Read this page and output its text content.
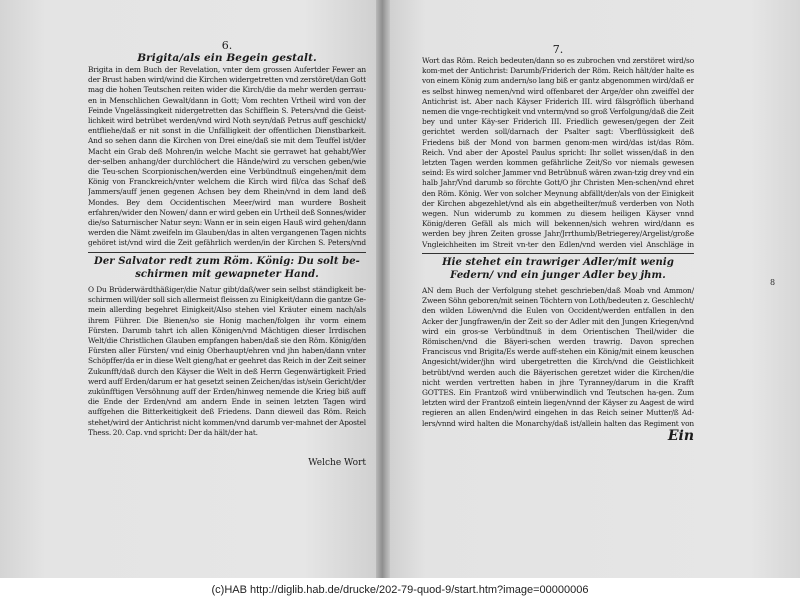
6.
Brigita/als ein Begein gestalt.
Brigita in dem Buch der Revelation, vnter dem grossen Aufertder Fewer an der Brust haben wird/wind die Kirchen widergetretten vnd zerstöret/dan Gott mag die hohen Teutschen reiten wider die Kirch/die da mehr werden gerrau-en in Menschlichen Gewalt/dann in Gott; Vom rechten Vrtheil wird von der Feinde Vngelässingkeit nidergetretten das Schifflein S. Peters/vnd die Geist-lichkeit wird betrübet werden/vnd wird Noth seyn/daß Petrus auff geschickt/ entfliehe/daß er nit sonst in die Unfälligkeit der offentlichen Dienstbarkeit. And so sehen dann die Kirchen von Drei eine/daß sie mit dem Teuffel ist/der Macht ein Grab deß Mohren/in welche Macht sie gerrawet hat gehabt/Wer der-selben anhang/der durchlöchert die Hände/wird zu verschen geben/wie die Teu-schen Scorpionischen/werden eine Verbündtnuß eingehen/mit dem König von Franckreich/vnter welchem die Kirch wird fil/ca das Schaf deß Jammers/auff jenen gegenen Achsen bey dem Rhein/vnd in dem land deß Mondes. Bey dem Occidentischen Meer/wird man wurdere Bosheit erfahren/wider den Nowen/ dann er wird geben ein Urtheil deß Sonnes/wider die/so Saturnischer Natur seyn: Wann er in sein eigen Hauß wird gehen/dann werden die Nämt zweifeln im Glauben/das in alten vergangenen Tagen nichts gehöret ist/vnd wird die Zeit gefährlich werden/in der Kirchen S. Peters/vnd
Der Salvator redt zum Röm. König: Du solt be-schirmen mit gewapneter Hand.
O Du Brüderwärdthäßiger/die Natur gibt/daß/wer sein selbst ständigkeit be-schirmen will/der soll sich allermeist fleissen zu Einigkeit/dann die gantze Ge-mein allerding begehret Einigkeit/Also stehen viel Kräuter einem nach/als ihrem Führer. Die Bienen/so sie Honig machen/folgen ihr vorm einem Fürsten. Darumb tahrt ich allen Königen/vnd Mächtigen dieser Irrdischen Welt/die Christlichen Glauben empfangen haben/daß sie den Röm. König/den Fürsten aller Fürsten/ vnd einig Oberhaupt/ehren vnd jhn haben/dann vnter Schöpffer/da er in diese Welt gieng/hat er geehret das Reich in der Zeit seiner Zukunfft/daß durch den Käyser die Welt in deß Herrn Gegenwärtigkeit Fried werd auff Erden/darum er hat gesetzt seinen Zeichen/das ist/sein Gericht/der zukünfftigen Versöhnung auff der Erden/hinweg nemende die Krieg biß auff die Ende der Erden/vnd am andern Ende in seinen letzten Tagen wird auffgehen die Bitterkeitigkeit deß Friedens. Dann dieweil das Röm. Reich stehet/wird der Antichrist nicht kommen/vnd darumb ver-mahnet der Apostel Thess. 20. Cap. vnd spricht: Der da hält/der hat.
Welche Wort
7.
Wort das Röm. Reich bedeuten/dann so es zubrochen vnd zerstöret wird/so kom-met der Antichrist: Darumb/Friderich der Röm. Reich hält/der halte es von einem König zum andern/so lang biß er gantz abgenommen wird/daß er es selbst hinweg nemen/vnd wird offenbaret der Arge/der ohn zweiffel der Antichrist ist. Aber nach Käyser Friderich III. wird fälsgröflich überhand nemen die vnge-rechtigkeit vnd vnterm/vnd so groß Verfolgung/daß die Zeit bey und unter Käy-ser Friderich III. Friedlich gewesen/gegen der Zeit gerichtet werden soll/darnach der Psalter sagt: Vberflüssigkeit deß Friedens biß der Mond von barmen genom-men wird/das ist/das Röm. Reich. Vnd aber der Apostel Paulus spricht: Ihr sollet wissen/daß in den letzten Tagen werden kommen gefährliche Zeit/So vor niemals gewesen seind: Es wird solcher Jammer vnd Betrübnuß wären zwan-tzig drey vnd ein halb Jahr/Vnd darumb so förchte Gott/O jhr Christen Men-schen/vnd ehret den Röm. König. Wer von solcher Meynung abfällt/der/als von der Einigkeit der Kirchen abgezehlet/vnd als ein abgetheilter/muß verderben von Noth wegen. Nun widerumb zu kommen zu diesem heiligen Käyser vnnd König/deren Gefäll als mich will bekennen/sich wehren wird/dann es werden bey jhren Zeiten grosse Jahr/Jrrthumb/Betriegerey/Argelist/große Vngleichheiten im Streit vn-ter den Edlen/vnd werden viel Anschläge in
Hie stehet ein trawriger Adler/mit wenig Federn/ vnd ein junger Adler bey jhm.
AN dem Buch der Verfolgung stehet geschrieben/daß Moab vnd Ammon/ Zween Söhn geboren/mit seinen Töchtern von Loth/bedeuten z. Geschlecht/ den wilden Löwen/vnd die Eulen von Occident/werden entfallen in den Acker der Jungfrawen/in der Zeit so der Adler mit den Jungen Kriegen/vnd wird ein gros-se Verbündtnuß in dem Orientischen Theil/wider die Römischen/vnd die Bäyeri-schen werden trawrig. Davon sprechen Franciscus vnd Brigita/Es werde auff-stehen ein König/mit einem keuschen Angesicht/wider/jhn wird ubergetretten die Kirch/vnd die Geistlichkeit betrübt/vnd werden auch die Bäyerischen geretzet wider die Kirchen/die nicht werden vertretten haben in jhre Tyranney/darum in die Krafft GOTTES. Ein Frantzoß wird vnüberwindlich vnd Teutschen ha-gen. Zum letzten wird der Frantzoß eintein liegen/vnnd der Käyser zu Aagest de wird regieren an allen Enden/wird eingehen in das Reich seiner Mutter/ß Ad-lers/vnnd wird halten die Monarchy/daß ist/allein halten das Regiment von
Ein
8
(c)HAB http://diglib.hab.de/drucke/202-79-quod-9/start.htm?image=00000006
